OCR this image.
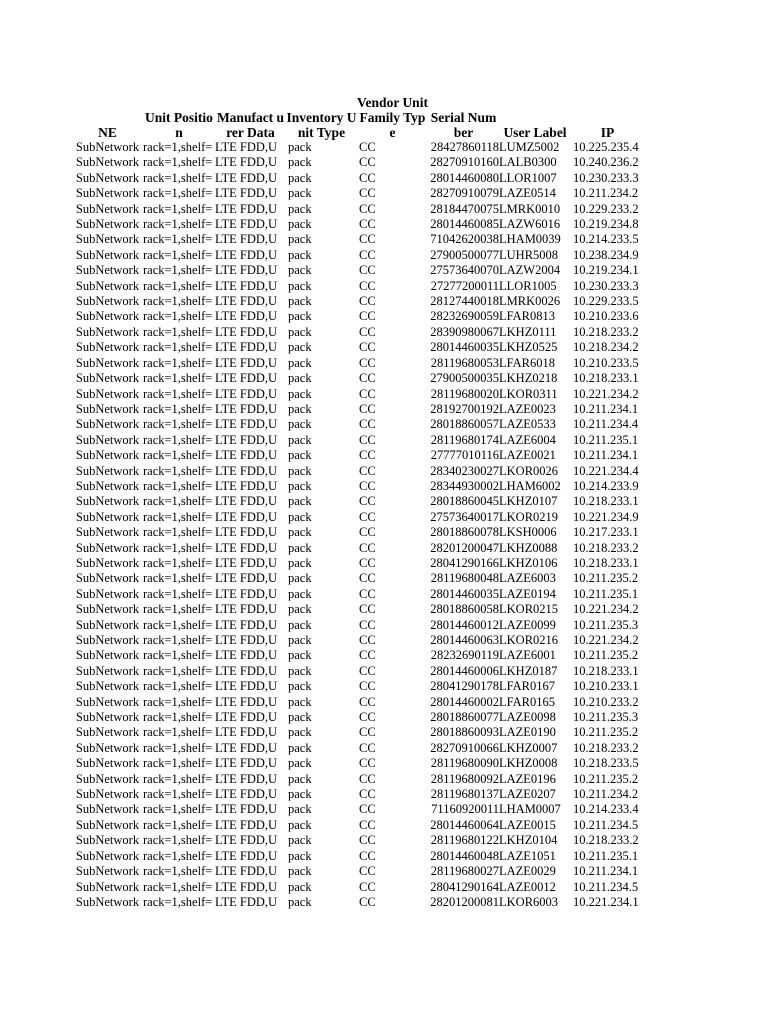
NE	Unit Position	Manufact urer Data	Inventory Unit Type	Vendor Unit Family Type	Serial Number	User Label	IP

SubNetwork	rack=1,shelf=	LTE FDD,U	pack	CC	28427860118	LUMZ5002	10.225.235.4
SubNetwork	rack=1,shelf=	LTE FDD,U	pack	CC	28270910160	LALB0300	10.240.236.2
SubNetwork	rack=1,shelf=	LTE FDD,U	pack	CC	28014460080	LLOR1007	10.230.233.3
SubNetwork	rack=1,shelf=	LTE FDD,U	pack	CC	28270910079	LAZE0514	10.211.234.2
SubNetwork	rack=1,shelf=	LTE FDD,U	pack	CC	28184470075	LMRK0010	10.229.233.2
SubNetwork	rack=1,shelf=	LTE FDD,U	pack	CC	28014460085	LAZW6016	10.219.234.8
SubNetwork	rack=1,shelf=	LTE FDD,U	pack	CC	71042620038	LHAM0039	10.214.233.5
SubNetwork	rack=1,shelf=	LTE FDD,U	pack	CC	27900500077	LUHR5008	10.238.234.9
SubNetwork	rack=1,shelf=	LTE FDD,U	pack	CC	27573640070	LAZW2004	10.219.234.1
SubNetwork	rack=1,shelf=	LTE FDD,U	pack	CC	27277200011	LLOR1005	10.230.233.3
SubNetwork	rack=1,shelf=	LTE FDD,U	pack	CC	28127440018	LMRK0026	10.229.233.5
SubNetwork	rack=1,shelf=	LTE FDD,U	pack	CC	28232690059	LFAR0813	10.210.233.6
SubNetwork	rack=1,shelf=	LTE FDD,U	pack	CC	28390980067	LKHZ0111	10.218.233.2
SubNetwork	rack=1,shelf=	LTE FDD,U	pack	CC	28014460035	LKHZ0525	10.218.234.2
SubNetwork	rack=1,shelf=	LTE FDD,U	pack	CC	28119680053	LFAR6018	10.210.233.5
SubNetwork	rack=1,shelf=	LTE FDD,U	pack	CC	27900500035	LKHZ0218	10.218.233.1
SubNetwork	rack=1,shelf=	LTE FDD,U	pack	CC	28119680020	LKOR0311	10.221.234.2
SubNetwork	rack=1,shelf=	LTE FDD,U	pack	CC	28192700192	LAZE0023	10.211.234.1
SubNetwork	rack=1,shelf=	LTE FDD,U	pack	CC	28018860057	LAZE0533	10.211.234.4
SubNetwork	rack=1,shelf=	LTE FDD,U	pack	CC	28119680174	LAZE6004	10.211.235.1
SubNetwork	rack=1,shelf=	LTE FDD,U	pack	CC	27777010116	LAZE0021	10.211.234.1
SubNetwork	rack=1,shelf=	LTE FDD,U	pack	CC	28340230027	LKOR0026	10.221.234.4
SubNetwork	rack=1,shelf=	LTE FDD,U	pack	CC	28344930002	LHAM6002	10.214.233.9
SubNetwork	rack=1,shelf=	LTE FDD,U	pack	CC	28018860045	LKHZ0107	10.218.233.1
SubNetwork	rack=1,shelf=	LTE FDD,U	pack	CC	27573640017	LKOR0219	10.221.234.9
SubNetwork	rack=1,shelf=	LTE FDD,U	pack	CC	28018860078	LKSH0006	10.217.233.1
SubNetwork	rack=1,shelf=	LTE FDD,U	pack	CC	28201200047	LKHZ0088	10.218.233.2
SubNetwork	rack=1,shelf=	LTE FDD,U	pack	CC	28041290166	LKHZ0106	10.218.233.1
SubNetwork	rack=1,shelf=	LTE FDD,U	pack	CC	28119680048	LAZE6003	10.211.235.2
SubNetwork	rack=1,shelf=	LTE FDD,U	pack	CC	28014460035	LAZE0194	10.211.235.1
SubNetwork	rack=1,shelf=	LTE FDD,U	pack	CC	28018860058	LKOR0215	10.221.234.2
SubNetwork	rack=1,shelf=	LTE FDD,U	pack	CC	28014460012	LAZE0099	10.211.235.3
SubNetwork	rack=1,shelf=	LTE FDD,U	pack	CC	28014460063	LKOR0216	10.221.234.2
SubNetwork	rack=1,shelf=	LTE FDD,U	pack	CC	28232690119	LAZE6001	10.211.235.2
SubNetwork	rack=1,shelf=	LTE FDD,U	pack	CC	28014460006	LKHZ0187	10.218.233.1
SubNetwork	rack=1,shelf=	LTE FDD,U	pack	CC	28041290178	LFAR0167	10.210.233.1
SubNetwork	rack=1,shelf=	LTE FDD,U	pack	CC	28014460002	LFAR0165	10.210.233.2
SubNetwork	rack=1,shelf=	LTE FDD,U	pack	CC	28018860077	LAZE0098	10.211.235.3
SubNetwork	rack=1,shelf=	LTE FDD,U	pack	CC	28018860093	LAZE0190	10.211.235.2
SubNetwork	rack=1,shelf=	LTE FDD,U	pack	CC	28270910066	LKHZ0007	10.218.233.2
SubNetwork	rack=1,shelf=	LTE FDD,U	pack	CC	28119680090	LKHZ0008	10.218.233.5
SubNetwork	rack=1,shelf=	LTE FDD,U	pack	CC	28119680092	LAZE0196	10.211.235.2
SubNetwork	rack=1,shelf=	LTE FDD,U	pack	CC	28119680137	LAZE0207	10.211.234.2
SubNetwork	rack=1,shelf=	LTE FDD,U	pack	CC	71160920011	LHAM0007	10.214.233.4
SubNetwork	rack=1,shelf=	LTE FDD,U	pack	CC	28014460064	LAZE0015	10.211.234.5
SubNetwork	rack=1,shelf=	LTE FDD,U	pack	CC	28119680122	LKHZ0104	10.218.233.2
SubNetwork	rack=1,shelf=	LTE FDD,U	pack	CC	28014460048	LAZE1051	10.211.235.1
SubNetwork	rack=1,shelf=	LTE FDD,U	pack	CC	28119680027	LAZE0029	10.211.234.1
SubNetwork	rack=1,shelf=	LTE FDD,U	pack	CC	28041290164	LAZE0012	10.211.234.5
SubNetwork	rack=1,shelf=	LTE FDD,U	pack	CC	28201200081	LKOR6003	10.221.234.1
